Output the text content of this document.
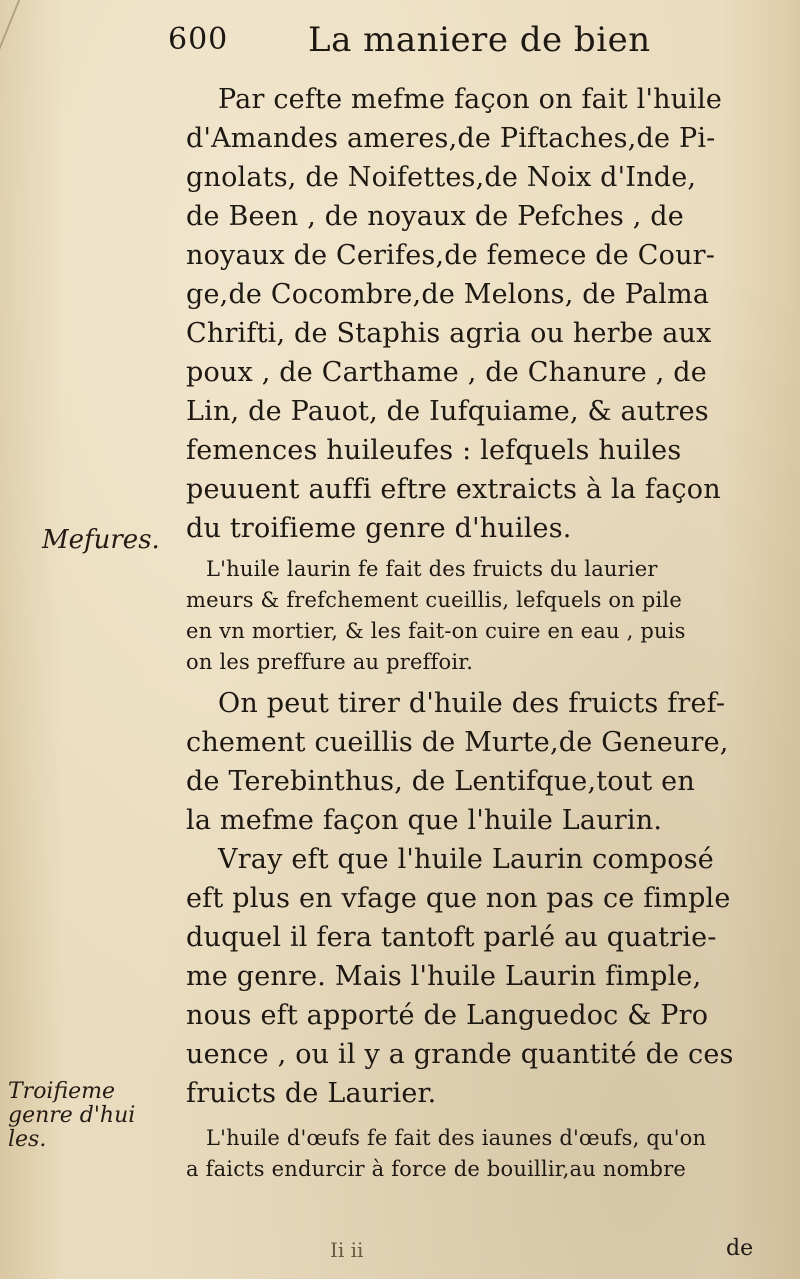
600 La maniere de bien
Par cefte mefme façon on fait l'huile
d'Amandes ameres,de Piftaches,de Pi-
gnolats, de Noifettes,de Noix d'Inde,
de Been , de noyaux de Pefches , de
noyaux de Cerifes,de femece de Cour-
ge,de Cocombre,de Melons, de Palma
Chrifti, de Staphis agria ou herbe aux
poux , de Carthame , de Chanure , de
Lin, de Pauot, de Iufquiame, & autres
femences huileufes : lefquels huiles
peuuent auffi eftre extraicts à la façon
du troifieme genre d'huiles.
L'huile laurin fe fait des fruicts du laurier
meurs & frefchement cueillis, lefquels on pile
en vn mortier, & les fait-on cuire en eau , puis
on les preffure au preffoir.
On peut tirer d'huile des fruicts fref-
chement cueillis de Murte,de Geneure,
de Terebinthus, de Lentifque,tout en
la mefme façon que l'huile Laurin.
Vray eft que l'huile Laurin composé
eft plus en vfage que non pas ce fimple
duquel il fera tantoft parlé au quatrie-
me genre. Mais l'huile Laurin fimple,
nous eft apporté de Languedoc & Pro
uence , ou il y a grande quantité de ces
fruicts de Laurier.
L'huile d'œufs fe fait des iaunes d'œufs, qu'on
a faicts endurcir à force de bouillir,au nombre
Mefures.
Troifieme
genre d'hui
les.
Ii ii	de
